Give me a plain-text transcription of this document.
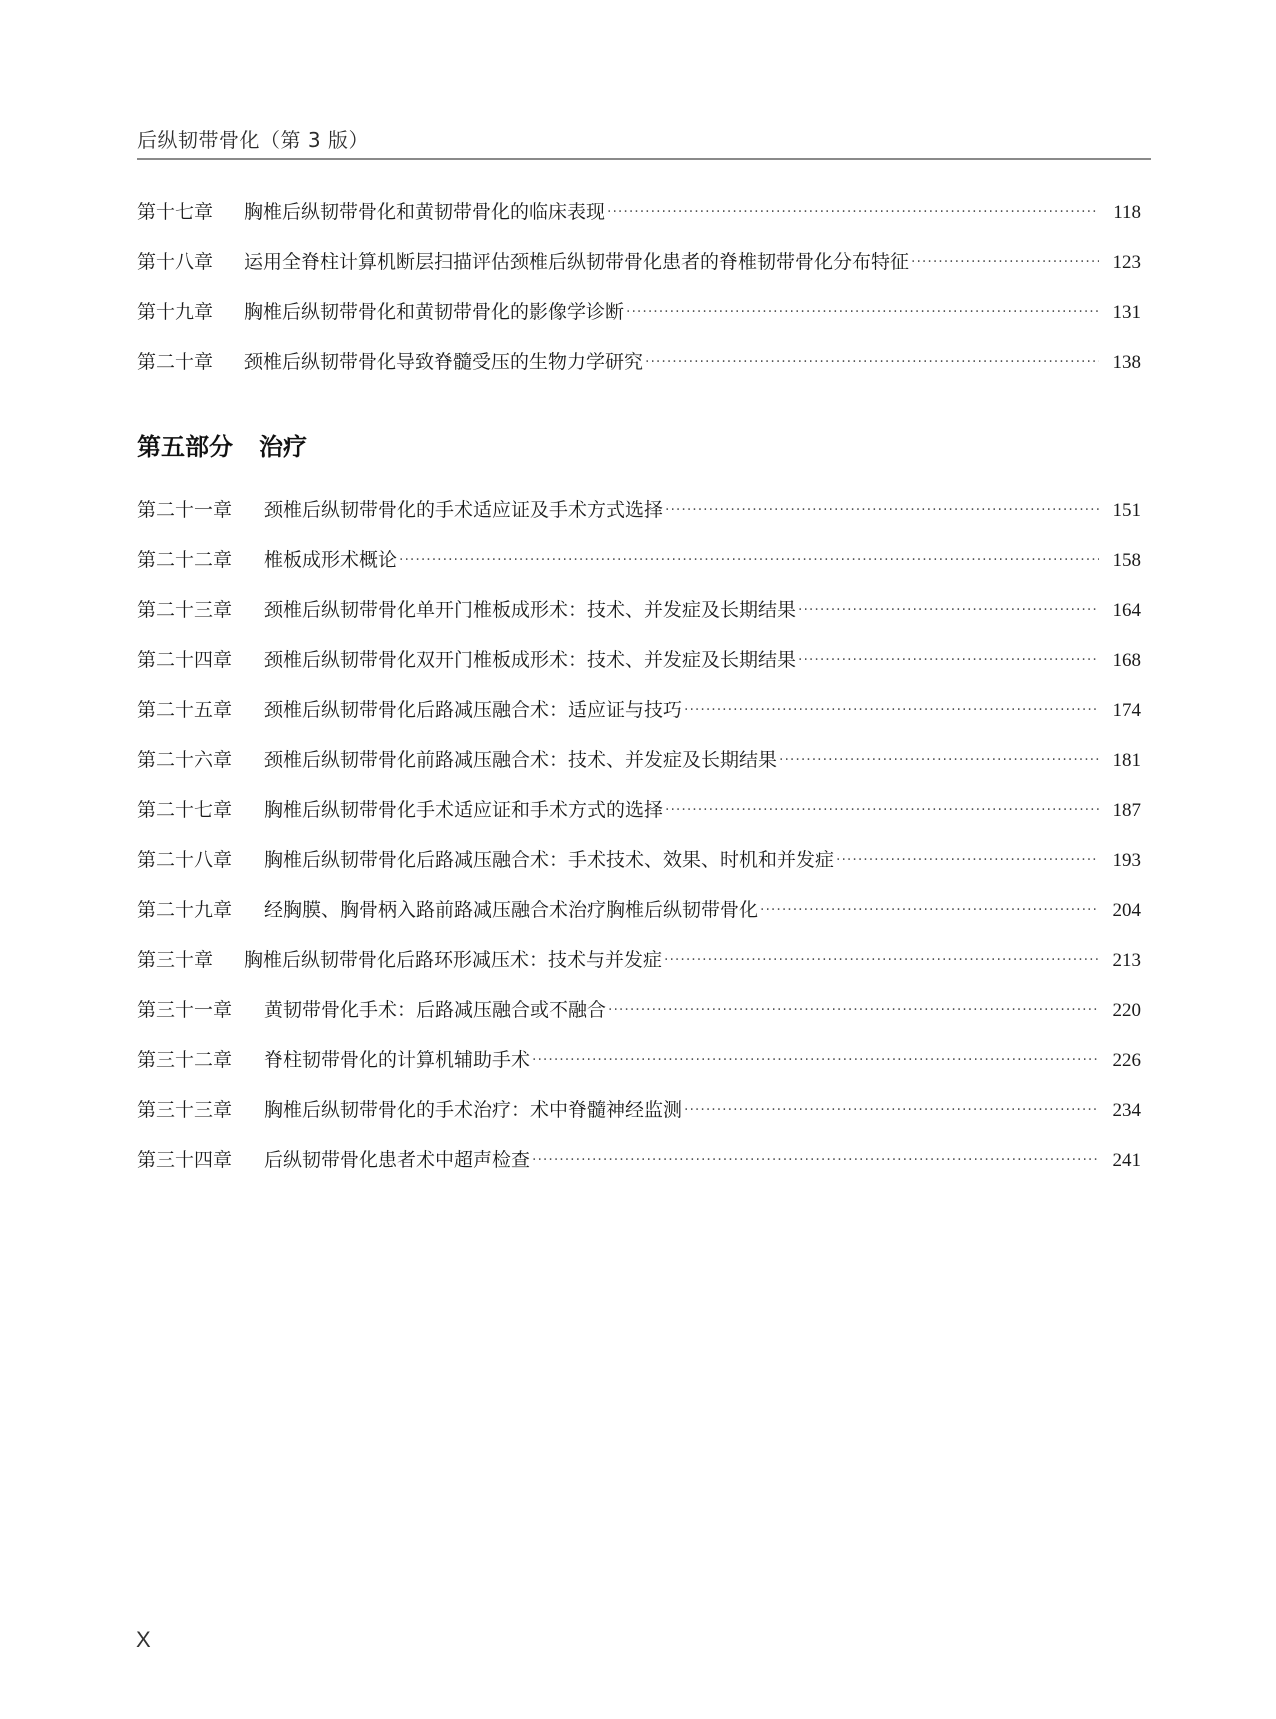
后纵韧带骨化（第 3 版）
第十七章	胸椎后纵韧带骨化和黄韧带骨化的临床表现 ·····	118
第十八章	运用全脊柱计算机断层扫描评估颈椎后纵韧带骨化患者的脊椎韧带骨化分布特征 ·····	123
第十九章	胸椎后纵韧带骨化和黄韧带骨化的影像学诊断 ·····	131
第二十章	颈椎后纵韧带骨化导致脊髓受压的生物力学研究 ·····	138
第五部分 治疗
第二十一章	颈椎后纵韧带骨化的手术适应证及手术方式选择 ·····	151
第二十二章	椎板成形术概论 ·····	158
第二十三章	颈椎后纵韧带骨化单开门椎板成形术：技术、并发症及长期结果 ·····	164
第二十四章	颈椎后纵韧带骨化双开门椎板成形术：技术、并发症及长期结果 ·····	168
第二十五章	颈椎后纵韧带骨化后路减压融合术：适应证与技巧 ·····	174
第二十六章	颈椎后纵韧带骨化前路减压融合术：技术、并发症及长期结果 ·····	181
第二十七章	胸椎后纵韧带骨化手术适应证和手术方式的选择 ·····	187
第二十八章	胸椎后纵韧带骨化后路减压融合术：手术技术、效果、时机和并发症 ·····	193
第二十九章	经胸膜、胸骨柄入路前路减压融合术治疗胸椎后纵韧带骨化 ·····	204
第三十章	胸椎后纵韧带骨化后路环形减压术：技术与并发症 ·····	213
第三十一章	黄韧带骨化手术：后路减压融合或不融合 ·····	220
第三十二章	脊柱韧带骨化的计算机辅助手术 ·····	226
第三十三章	胸椎后纵韧带骨化的手术治疗：术中脊髓神经监测 ·····	234
第三十四章	后纵韧带骨化患者术中超声检查 ·····	241
X
